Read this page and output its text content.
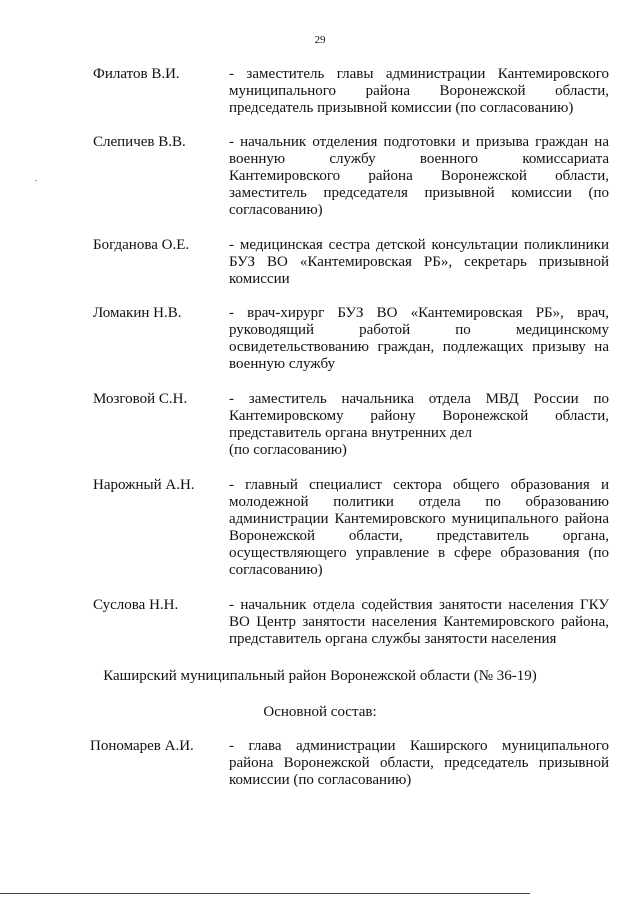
29
Филатов В.И.	- заместитель главы администрации Кантемировского
муниципального района Воронежской области,
председатель призывной комиссии (по согласованию)
Слепичев В.В.	- начальник отделения подготовки и призыва граждан на
военную службу военного комиссариата
Кантемировского района Воронежской области,
заместитель председателя призывной комиссии (по
согласованию)
Богданова О.Е.	- медицинская сестра детской консультации поликлиники
БУЗ ВО «Кантемировская РБ», секретарь призывной
комиссии
Ломакин Н.В.	- врач-хирург БУЗ ВО «Кантемировская РБ», врач,
руководящий работой по медицинскому
освидетельствованию граждан, подлежащих призыву на
военную службу
Мозговой С.Н.	- заместитель начальника отдела МВД России по
Кантемировскому району Воронежской области,
представитель органа внутренних дел
(по согласованию)
Нарожный А.Н. - главный специалист сектора общего образования и
молодежной политики отдела по образованию
администрации Кантемировского муниципального района
Воронежской области, представитель органа,
осуществляющего управление в сфере образования (по
согласованию)
Суслова Н.Н.	- начальник отдела содействия занятости населения ГКУ
ВО Центр занятости населения Кантемировского района,
представитель органа службы занятости населения
Каширский муниципальный район Воронежской области (№ 36-19)
Основной состав:
Пономарев А.И. - глава администрации Каширского муниципального
района Воронежской области, председатель призывной
комиссии (по согласованию)
